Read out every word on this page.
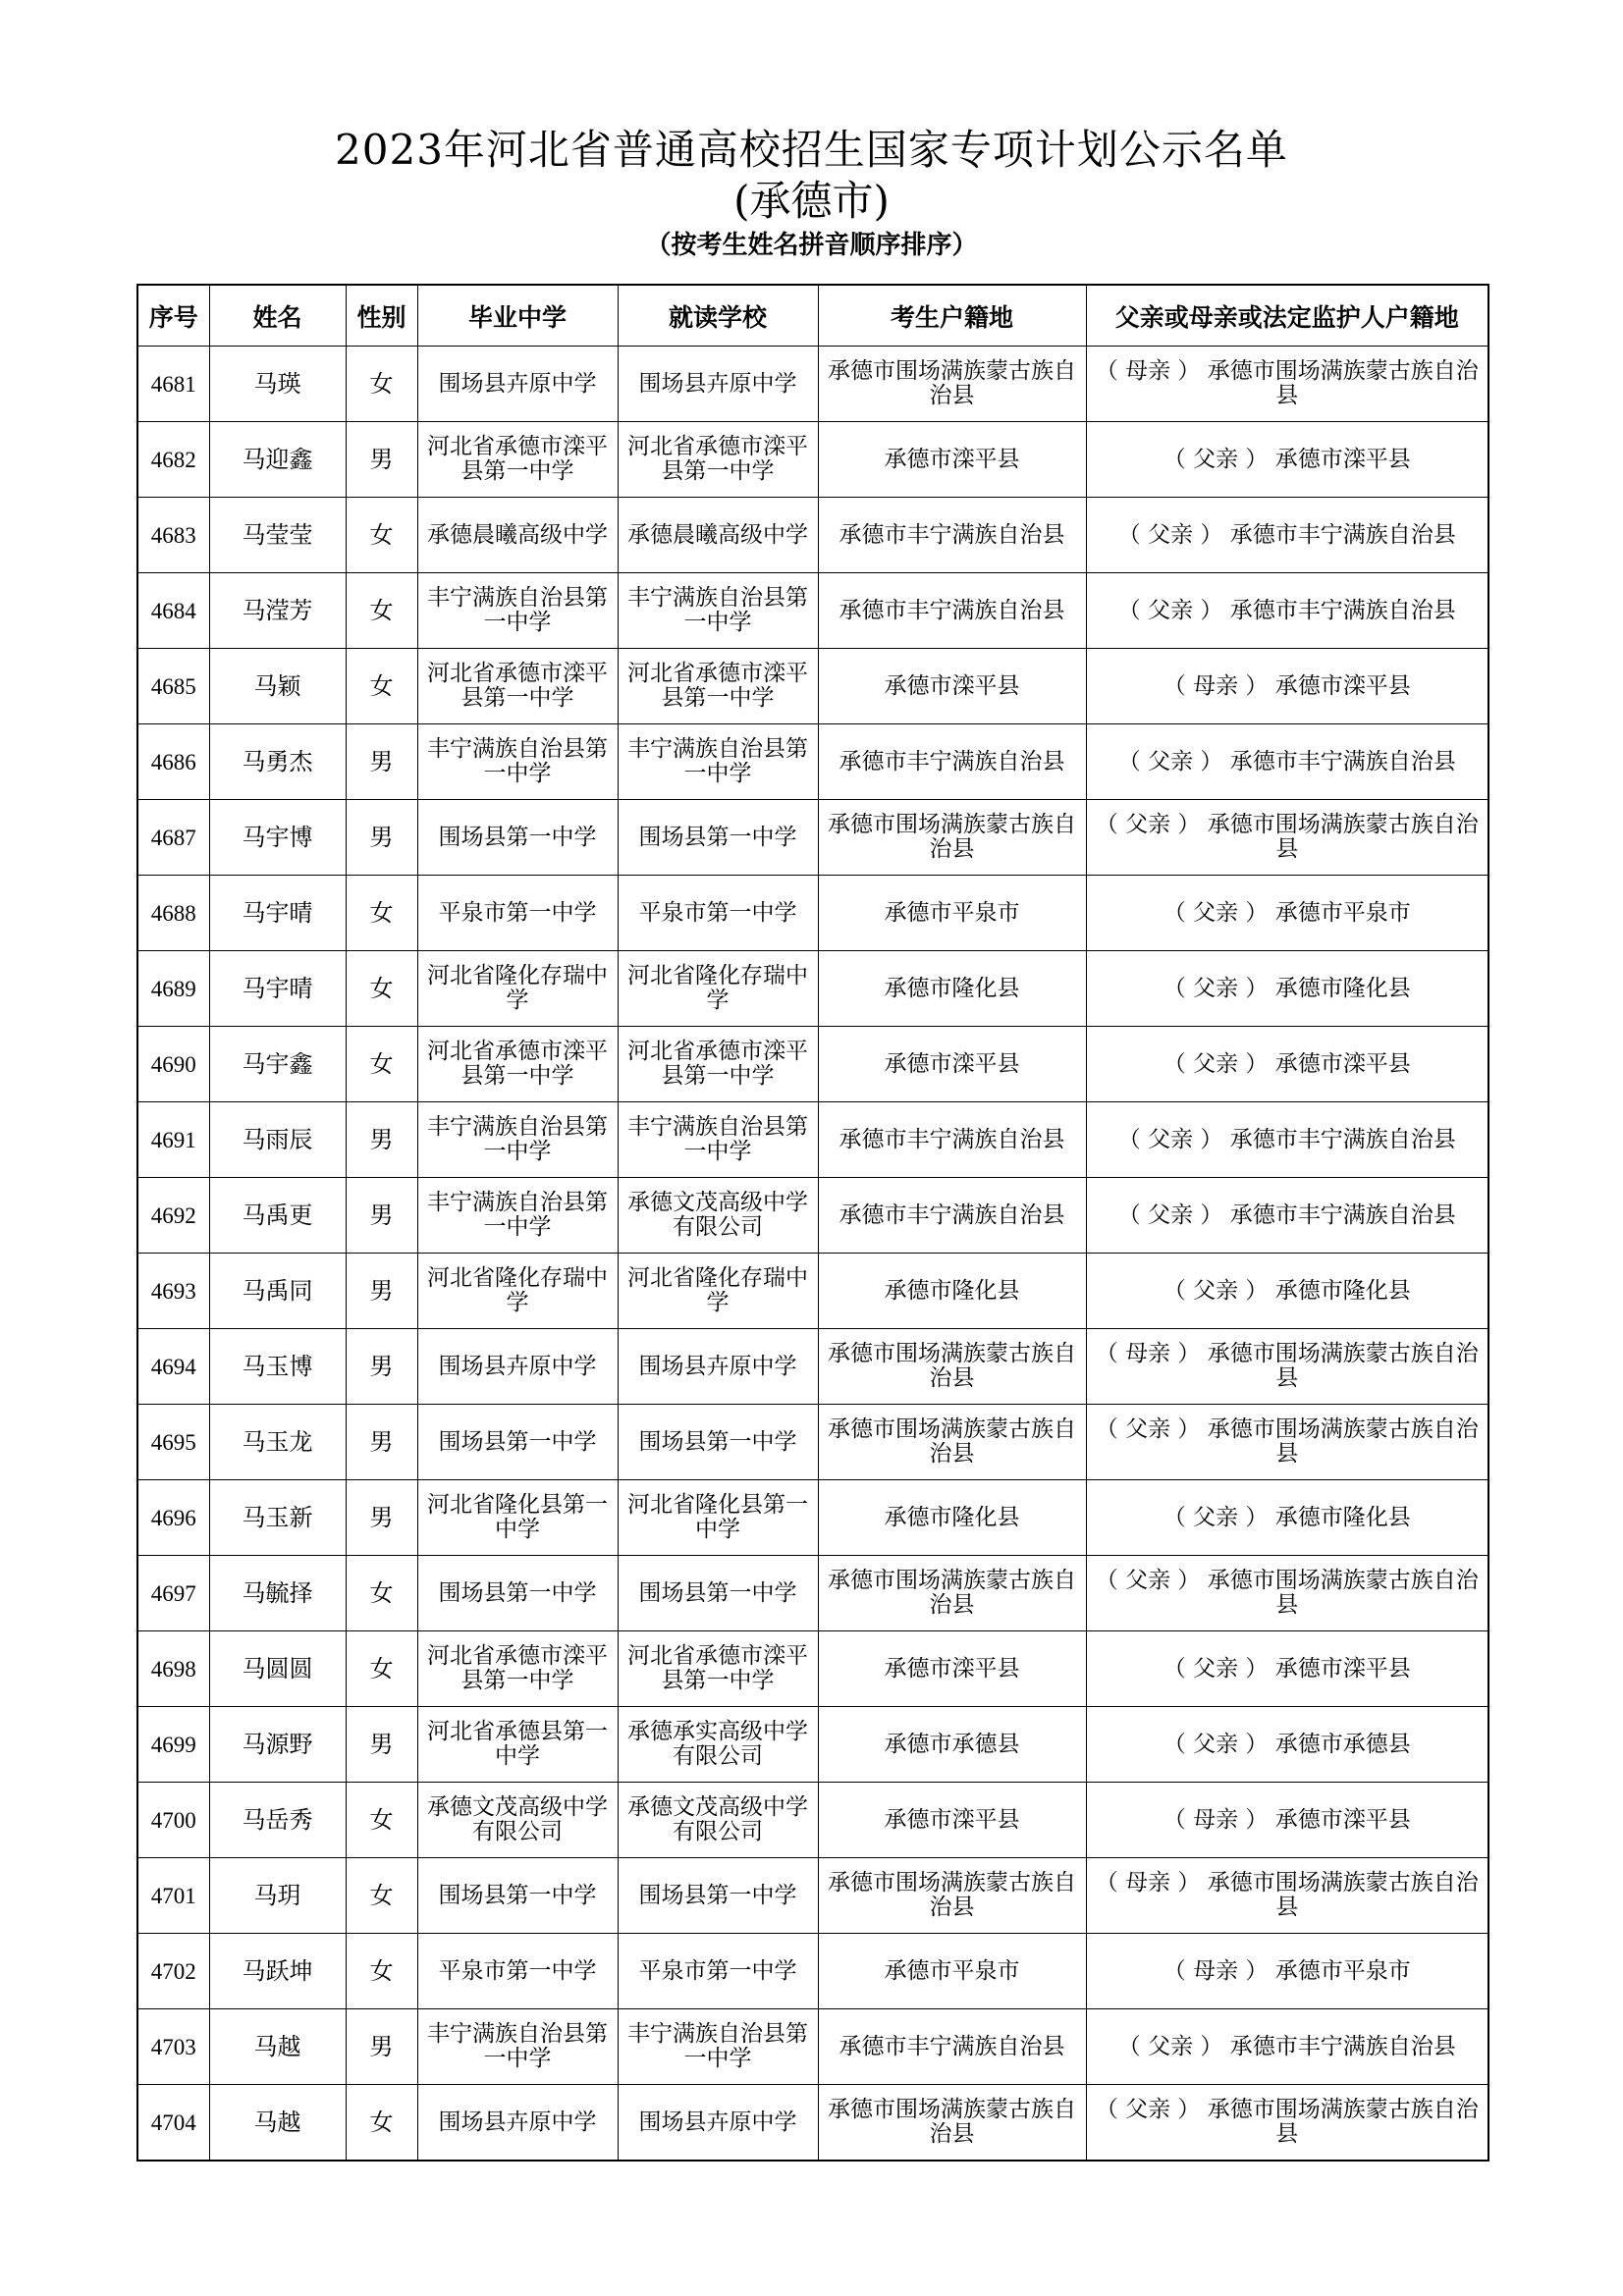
2023年河北省普通高校招生国家专项计划公示名单
(承德市)
（按考生姓名拼音顺序排序）
序号	姓名	性别	毕业中学	就读学校	考生户籍地	父亲或母亲或法定监护人户籍地
4681	马瑛	女	围场县卉原中学	围场县卉原中学	承德市围场满族蒙古族自治县	（ 母亲 ） 承德市围场满族蒙古族自治县
4682	马迎鑫	男	河北省承德市滦平县第一中学	河北省承德市滦平县第一中学	承德市滦平县	（ 父亲 ） 承德市滦平县
4683	马莹莹	女	承德晨曦高级中学	承德晨曦高级中学	承德市丰宁满族自治县	（ 父亲 ） 承德市丰宁满族自治县
4684	马滢芳	女	丰宁满族自治县第一中学	丰宁满族自治县第一中学	承德市丰宁满族自治县	（ 父亲 ） 承德市丰宁满族自治县
4685	马颖	女	河北省承德市滦平县第一中学	河北省承德市滦平县第一中学	承德市滦平县	（ 母亲 ） 承德市滦平县
4686	马勇杰	男	丰宁满族自治县第一中学	丰宁满族自治县第一中学	承德市丰宁满族自治县	（ 父亲 ） 承德市丰宁满族自治县
4687	马宇博	男	围场县第一中学	围场县第一中学	承德市围场满族蒙古族自治县	（ 父亲 ） 承德市围场满族蒙古族自治县
4688	马宇晴	女	平泉市第一中学	平泉市第一中学	承德市平泉市	（ 父亲 ） 承德市平泉市
4689	马宇晴	女	河北省隆化存瑞中学	河北省隆化存瑞中学	承德市隆化县	（ 父亲 ） 承德市隆化县
4690	马宇鑫	女	河北省承德市滦平县第一中学	河北省承德市滦平县第一中学	承德市滦平县	（ 父亲 ） 承德市滦平县
4691	马雨辰	男	丰宁满族自治县第一中学	丰宁满族自治县第一中学	承德市丰宁满族自治县	（ 父亲 ） 承德市丰宁满族自治县
4692	马禹更	男	丰宁满族自治县第一中学	承德文茂高级中学有限公司	承德市丰宁满族自治县	（ 父亲 ） 承德市丰宁满族自治县
4693	马禹同	男	河北省隆化存瑞中学	河北省隆化存瑞中学	承德市隆化县	（ 父亲 ） 承德市隆化县
4694	马玉博	男	围场县卉原中学	围场县卉原中学	承德市围场满族蒙古族自治县	（ 母亲 ） 承德市围场满族蒙古族自治县
4695	马玉龙	男	围场县第一中学	围场县第一中学	承德市围场满族蒙古族自治县	（ 父亲 ） 承德市围场满族蒙古族自治县
4696	马玉新	男	河北省隆化县第一中学	河北省隆化县第一中学	承德市隆化县	（ 父亲 ） 承德市隆化县
4697	马毓择	女	围场县第一中学	围场县第一中学	承德市围场满族蒙古族自治县	（ 父亲 ） 承德市围场满族蒙古族自治县
4698	马圆圆	女	河北省承德市滦平县第一中学	河北省承德市滦平县第一中学	承德市滦平县	（ 父亲 ） 承德市滦平县
4699	马源野	男	河北省承德县第一中学	承德承实高级中学有限公司	承德市承德县	（ 父亲 ） 承德市承德县
4700	马岳秀	女	承德文茂高级中学有限公司	承德文茂高级中学有限公司	承德市滦平县	（ 母亲 ） 承德市滦平县
4701	马玥	女	围场县第一中学	围场县第一中学	承德市围场满族蒙古族自治县	（ 母亲 ） 承德市围场满族蒙古族自治县
4702	马跃坤	女	平泉市第一中学	平泉市第一中学	承德市平泉市	（ 母亲 ） 承德市平泉市
4703	马越	男	丰宁满族自治县第一中学	丰宁满族自治县第一中学	承德市丰宁满族自治县	（ 父亲 ） 承德市丰宁满族自治县
4704	马越	女	围场县卉原中学	围场县卉原中学	承德市围场满族蒙古族自治县	（ 父亲 ） 承德市围场满族蒙古族自治县
